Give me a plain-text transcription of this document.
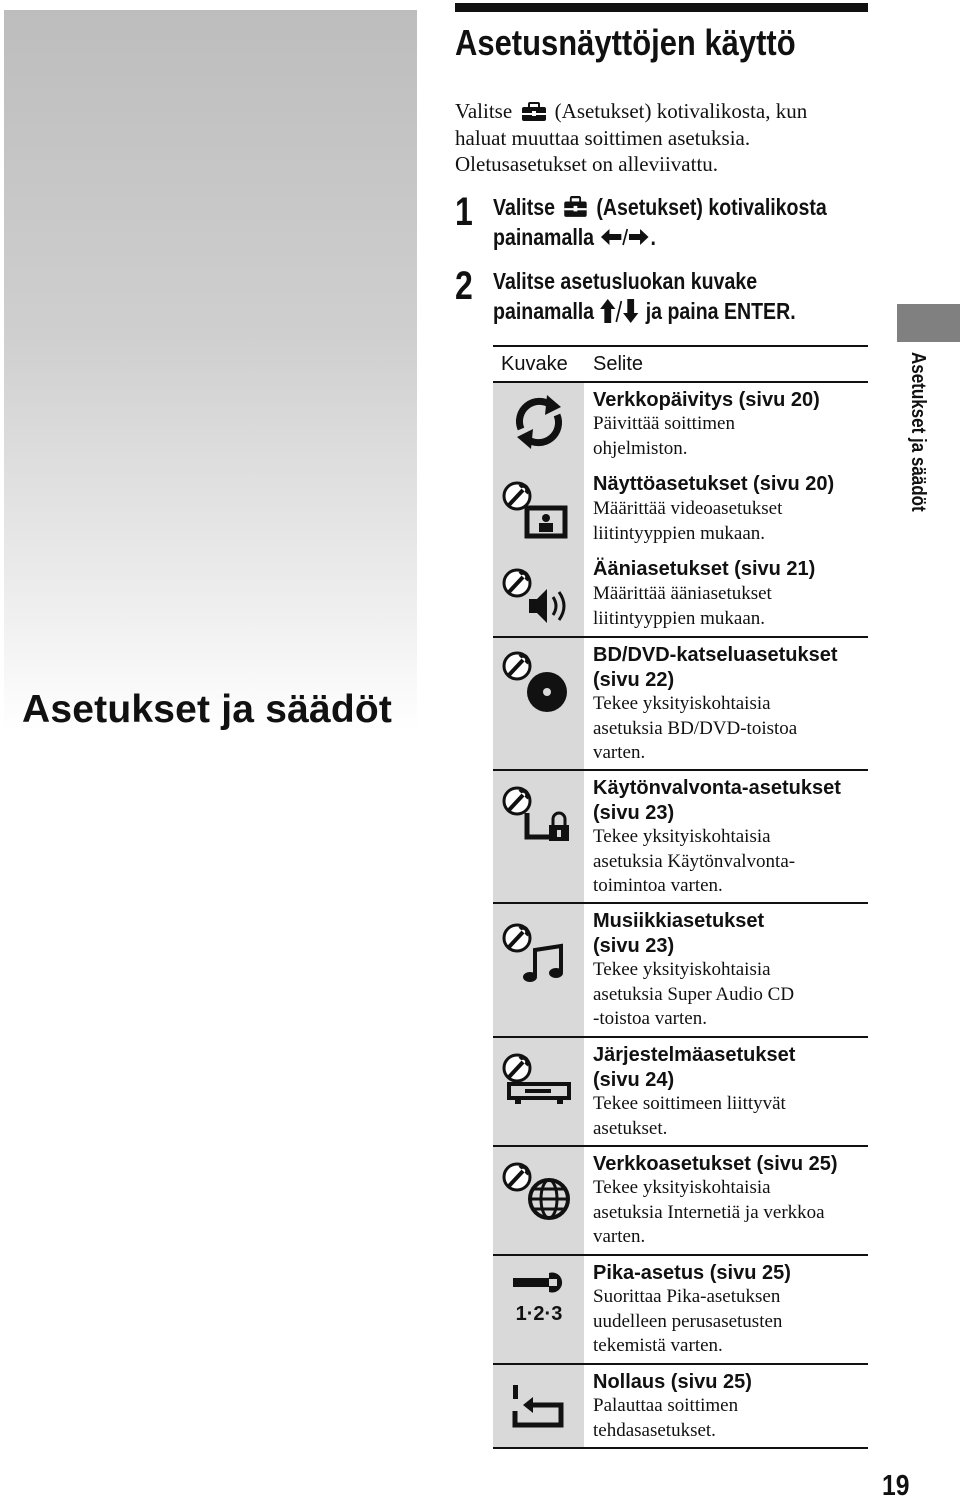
Asetukset ja säädöt
Asetusnäyttöjen käyttö
Valitse (Asetukset) kotivalikosta, kun
haluat muuttaa soittimen asetuksia.
Oletusasetukset on alleviivattu.
1 Valitse (Asetukset) kotivalikosta
painamalla .
2 Valitse asetusluokan kuvake
painamalla ja paina ENTER.
Kuvake Selite
Verkkopäivitys (sivu 20)
Päivittää soittimen
ohjelmiston.
Näyttöasetukset (sivu 20)
Määrittää videoasetukset
liitintyyppien mukaan.
Ääniasetukset (sivu 21)
Määrittää ääniasetukset
liitintyyppien mukaan.
BD/DVD-katseluasetukset
(sivu 22)
Tekee yksityiskohtaisia
asetuksia BD/DVD-toistoa
varten.
Käytönvalvonta-asetukset
(sivu 23)
Tekee yksityiskohtaisia
asetuksia Käytönvalvonta-
toimintoa varten.
Musiikkiasetukset
(sivu 23)
Tekee yksityiskohtaisia
asetuksia Super Audio CD
-toistoa varten.
Järjestelmäasetukset
(sivu 24)
Tekee soittimeen liittyvät
asetukset.
Verkkoasetukset (sivu 25)
Tekee yksityiskohtaisia
asetuksia Internetiä ja verkkoa
varten.
1·2·3
Pika-asetus (sivu 25)
Suorittaa Pika-asetuksen
uudelleen perusasetusten
tekemistä varten.
Nollaus (sivu 25)
Palauttaa soittimen
tehdasasetukset.
Asetukset ja säädöt
19
